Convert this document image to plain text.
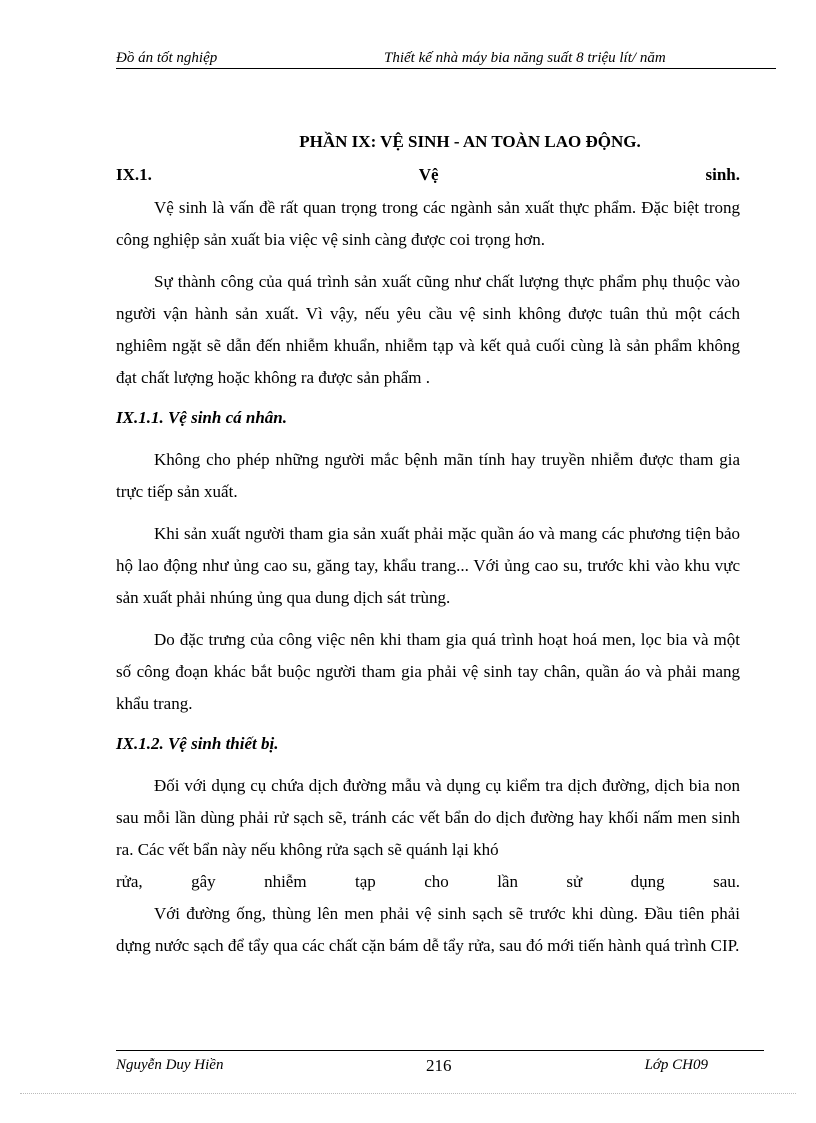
Đồ án tốt nghiệp	Thiết kế nhà máy bia năng suất 8 triệu lít/ năm

PHẦN IX: VỆ SINH - AN TOÀN LAO ĐỘNG.

IX.1.	Vệ	sinh.

Vệ sinh là vấn đề rất quan trọng trong các ngành sản xuất thực phẩm. Đặc biệt trong công nghiệp sản xuất bia việc vệ sinh càng được coi trọng hơn.

Sự thành công của quá trình sản xuất cũng như chất lượng thực phẩm phụ thuộc vào người vận hành sản xuất. Vì vậy, nếu yêu cầu vệ sinh không được tuân thủ một cách nghiêm ngặt sẽ dẫn đến nhiễm khuẩn, nhiễm tạp và kết quả cuối cùng là sản phẩm không đạt chất lượng hoặc không ra được sản phẩm .

IX.1.1. Vệ sinh cá nhân.

Không cho phép những người mắc bệnh mãn tính hay truyền nhiễm được tham gia trực tiếp sản xuất.

Khi sản xuất người tham gia sản xuất phải mặc quần áo và mang các phương tiện bảo hộ lao động như ủng cao su, găng tay, khẩu trang... Với ủng cao su, trước khi vào khu vực sản xuất phải nhúng ủng qua dung dịch sát trùng.

Do đặc trưng của công việc nên khi tham gia quá trình hoạt hoá men, lọc bia và một số công đoạn khác bắt buộc người tham gia phải vệ sinh tay chân, quần áo và phải mang khẩu trang.

IX.1.2. Vệ sinh thiết bị.

Đối với dụng cụ chứa dịch đường mẫu và dụng cụ kiểm tra dịch đường, dịch bia non sau mỗi lần dùng phải rử sạch sẽ, tránh các vết bẩn do dịch đường hay khối nấm men sinh ra. Các vết bẩn này nếu không rửa sạch sẽ quánh lại khó

rửa, gây nhiễm tạp cho lần sử dụng sau.

Với đường ống, thùng lên men phải vệ sinh sạch sẽ trước khi dùng. Đầu tiên phải dựng nước sạch để tẩy qua các chất cặn bám dễ tẩy rửa, sau đó mới tiến hành quá trình CIP.

Nguyễn Duy Hiền	216	Lớp CH09
